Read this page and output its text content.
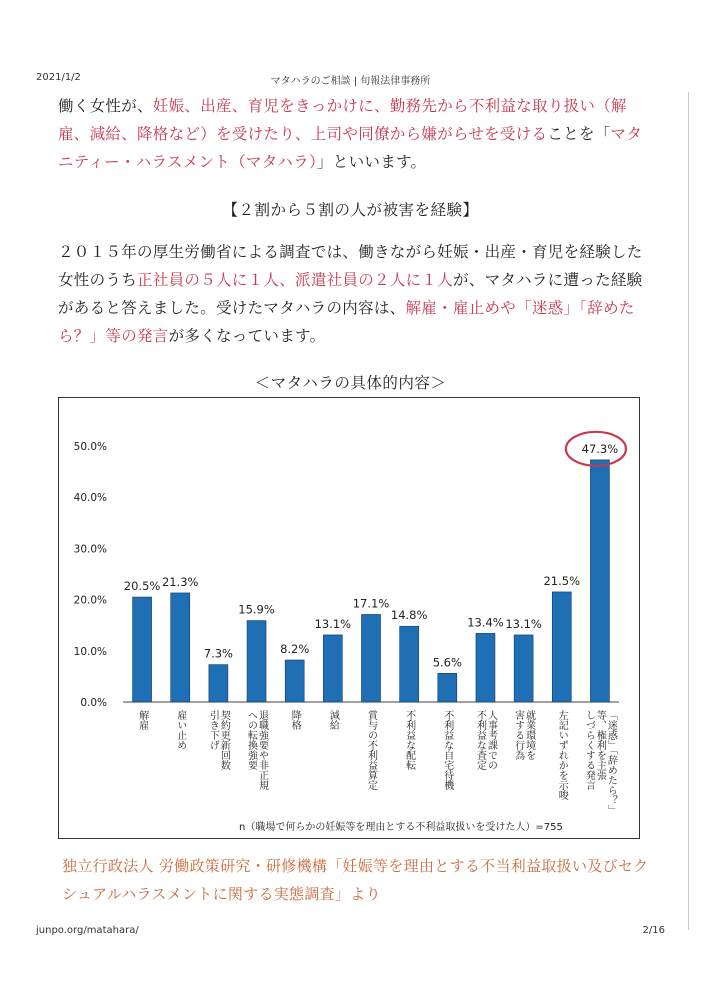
2021/1/2	マタハラのご相談 | 旬報法律事務所
働く女性が、妊娠、出産、育児をきっかけに、勤務先から不利益な取り扱い（解雇、減給、降格など）を受けたり、上司や同僚から嫌がらせを受けることを「マタニティー・ハラスメント（マタハラ）」といいます。
【２割から５割の人が被害を経験】
２０１５年の厚生労働省による調査では、働きながら妊娠・出産・育児を経験した女性のうち正社員の５人に１人、派遣社員の２人に１人が、マタハラに遭った経験があると答えました。受けたマタハラの内容は、解雇・雇止めや「迷惑」「辞めたら？」等の発言が多くなっています。
＜マタハラの具体的内容＞
0.0%
10.0%
20.0%
30.0%
40.0%
50.0%
20.5%
解雇
21.3%
雇い止め
7.3%
契約更新回数
引き下げ
15.9%
退職強要や非正規
への転換強要
8.2%
降格
13.1%
減給
17.1%
賞与の不利益算定
14.8%
不利益な配転
5.6%
不利益な自宅待機
13.4%
人事考課での
不利益な査定
13.1%
就業環境を
害する行為
21.5%
左記いずれかを示唆
47.3%
「迷惑」「辞めたら？」
等、権利を主張
しづらくする発言
n（職場で何らかの妊娠等を理由とする不利益取扱いを受けた人）=755
独立行政法人 労働政策研究・研修機構「妊娠等を理由とする不当利益取扱い及びセクシュアルハラスメントに関する実態調査」より
junpo.org/matahara/	2/16
